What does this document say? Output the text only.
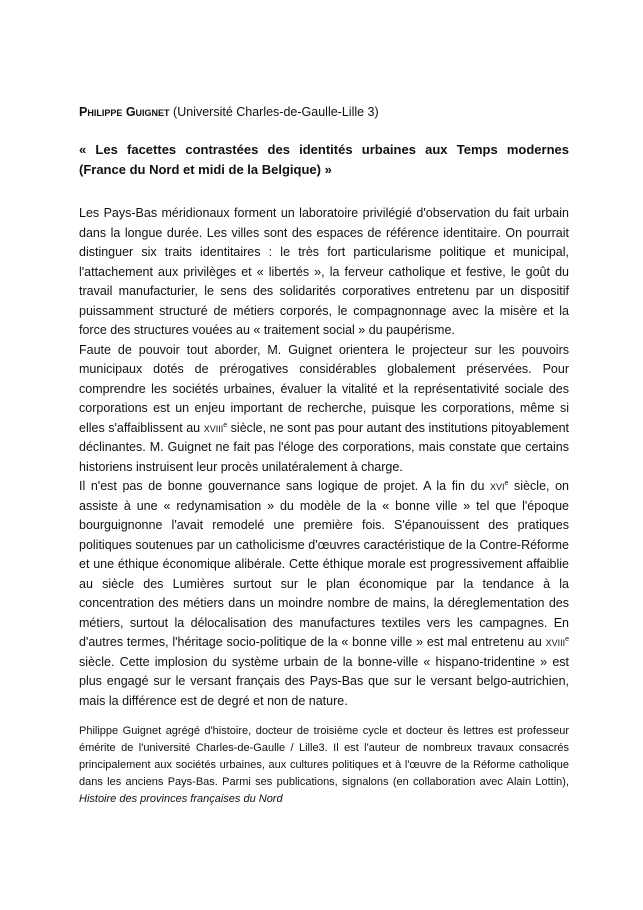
Philippe Guignet (Université Charles-de-Gaulle-Lille 3)

« Les facettes contrastées des identités urbaines aux Temps modernes (France du Nord et midi de la Belgique) »

Les Pays-Bas méridionaux forment un laboratoire privilégié d'observation du fait urbain dans la longue durée. Les villes sont des espaces de référence identitaire. On pourrait distinguer six traits identitaires : le très fort particularisme politique et municipal, l'attachement aux privilèges et « libertés », la ferveur catholique et festive, le goût du travail manufacturier, le sens des solidarités corporatives entretenu par un dispositif puissamment structuré de métiers corporés, le compagnonnage avec la misère et la force des structures vouées au « traitement social » du paupérisme.

Faute de pouvoir tout aborder, M. Guignet orientera le projecteur sur les pouvoirs municipaux dotés de prérogatives considérables globalement préservées. Pour comprendre les sociétés urbaines, évaluer la vitalité et la représentativité sociale des corporations est un enjeu important de recherche, puisque les corporations, même si elles s'affaiblissent au xviii$^e$ siècle, ne sont pas pour autant des institutions pitoyablement déclinantes. M. Guignet ne fait pas l'éloge des corporations, mais constate que certains historiens instruisent leur procès unilatéralement à charge.

Il n'est pas de bonne gouvernance sans logique de projet. A la fin du xvi$^e$ siècle, on assiste à une « redynamisation » du modèle de la « bonne ville » tel que l'époque bourguignonne l'avait remodelé une première fois. S'épanouissent des pratiques politiques soutenues par un catholicisme d'œuvres caractéristique de la Contre-Réforme et une éthique économique alibérale. Cette éthique morale est progressivement affaiblie au siècle des Lumières surtout sur le plan économique par la tendance à la concentration des métiers dans un moindre nombre de mains, la déreglementation des métiers, surtout la délocalisation des manufactures textiles vers les campagnes. En d'autres termes, l'héritage socio-politique de la « bonne ville » est mal entretenu au xviii$^e$ siècle. Cette implosion du système urbain de la bonne-ville « hispano-tridentine » est plus engagé sur le versant français des Pays-Bas que sur le versant belgo-autrichien, mais la différence est de degré et non de nature.

Philippe Guignet agrégé d'histoire, docteur de troisième cycle et docteur ès lettres est professeur émérite de l'université Charles-de-Gaulle / Lille3. Il est l'auteur de nombreux travaux consacrés principalement aux sociétés urbaines, aux cultures politiques et à l'œuvre de la Réforme catholique dans les anciens Pays-Bas. Parmi ses publications, signalons (en collaboration avec Alain Lottin), Histoire des provinces françaises du Nord
